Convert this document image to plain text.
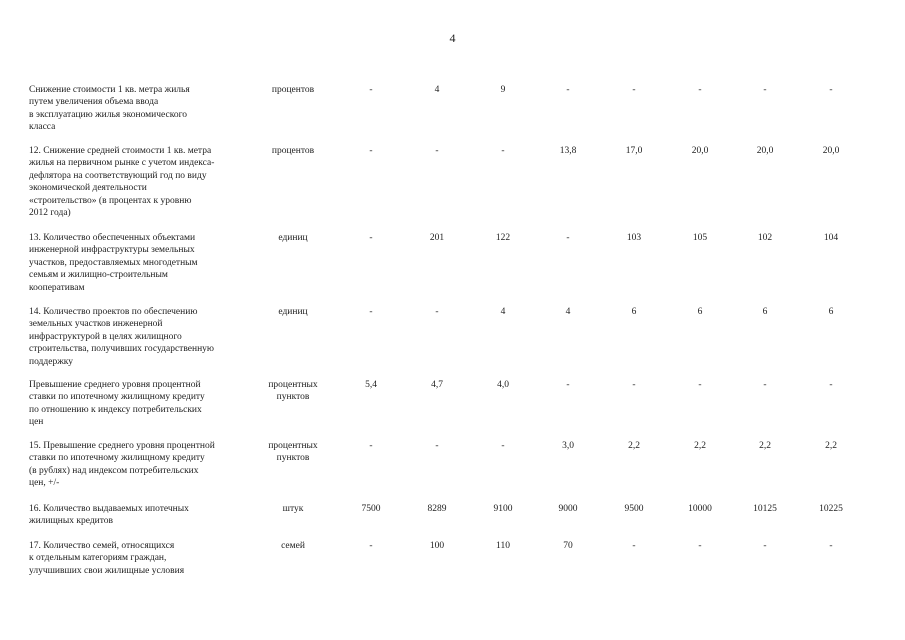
4
Снижение стоимости 1 кв. метра жилья
путем увеличения объема ввода
в эксплуатацию жилья экономического
класса
процентов	-	4	9	-	-	-	-	-
12. Снижение средней стоимости 1 кв. метра
жилья на первичном рынке с учетом индекса-
дефлятора на соответствующий год по виду
экономической деятельности
«строительство» (в процентах к уровню
2012 года)
процентов	-	-	-	13,8	17,0	20,0	20,0	20,0
13. Количество обеспеченных объектами
инженерной инфраструктуры земельных
участков, предоставляемых многодетным
семьям и жилищно-строительным
кооперативам
единиц	-	201	122	-	103	105	102	104
14. Количество проектов по обеспечению
земельных участков инженерной
инфраструктурой в целях жилищного
строительства, получивших государственную
поддержку
единиц	-	-	4	4	6	6	6	6
Превышение среднего уровня процентной
ставки по ипотечному жилищному кредиту
по отношению к индексу потребительских
цен
процентных
пунктов
5,4	4,7	4,0	-	-	-	-	-
15. Превышение среднего уровня процентной
ставки по ипотечному жилищному кредиту
(в рублях) над индексом потребительских
цен, +/-
процентных
пунктов
-	-	-	3,0	2,2	2,2	2,2	2,2
16. Количество выдаваемых ипотечных
жилищных кредитов
штук	7500	8289	9100	9000	9500	10000	10125	10225
17. Количество семей, относящихся
к отдельным категориям граждан,
улучшивших свои жилищные условия
семей	-	100	110	70	-	-	-	-
